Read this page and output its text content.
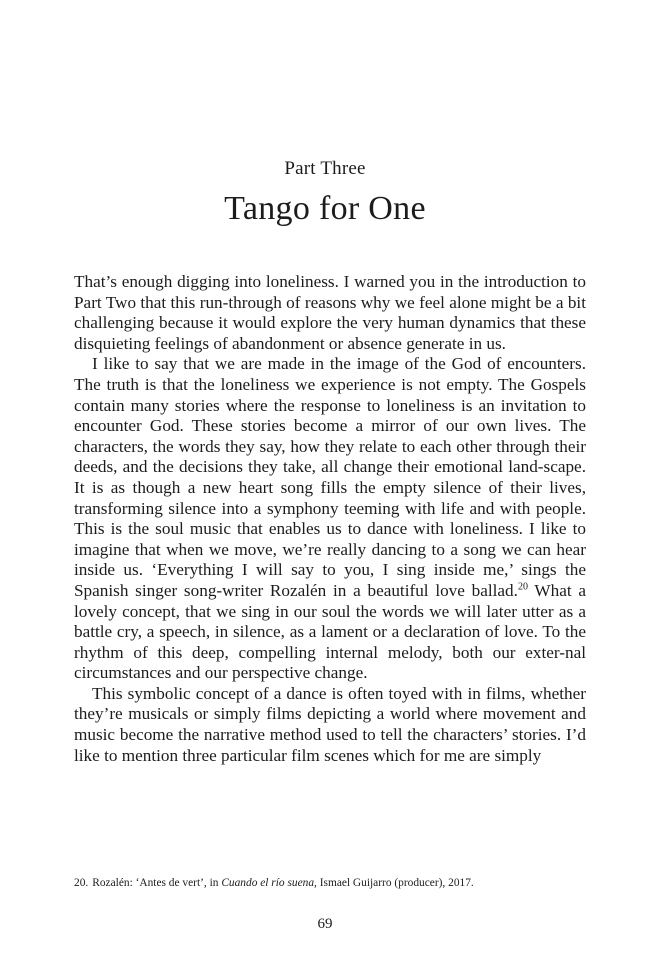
Part Three
Tango for One

That’s enough digging into loneliness. I warned you in the introduction to Part Two that this run-through of reasons why we feel alone might be a bit challenging because it would explore the very human dynamics that these disquieting feelings of abandonment or absence generate in us.

I like to say that we are made in the image of the God of encounters. The truth is that the loneliness we experience is not empty. The Gospels contain many stories where the response to loneliness is an invitation to encounter God. These stories become a mirror of our own lives. The characters, the words they say, how they relate to each other through their deeds, and the decisions they take, all change their emotional land-scape. It is as though a new heart song fills the empty silence of their lives, transforming silence into a symphony teeming with life and with people. This is the soul music that enables us to dance with loneliness. I like to imagine that when we move, we’re really dancing to a song we can hear inside us. ‘Everything I will say to you, I sing inside me,’ sings the Spanish singer song-writer Rozalén in a beautiful love ballad.$^{20}$ What a lovely concept, that we sing in our soul the words we will later utter as a battle cry, a speech, in silence, as a lament or a declaration of love. To the rhythm of this deep, compelling internal melody, both our exter-nal circumstances and our perspective change.

This symbolic concept of a dance is often toyed with in films, whether they’re musicals or simply films depicting a world where movement and music become the narrative method used to tell the characters’ stories. I’d like to mention three particular film scenes which for me are simply

20. Rozalén: ‘Antes de vert’, in Cuando el río suena, Ismael Guijarro (producer), 2017.
69
